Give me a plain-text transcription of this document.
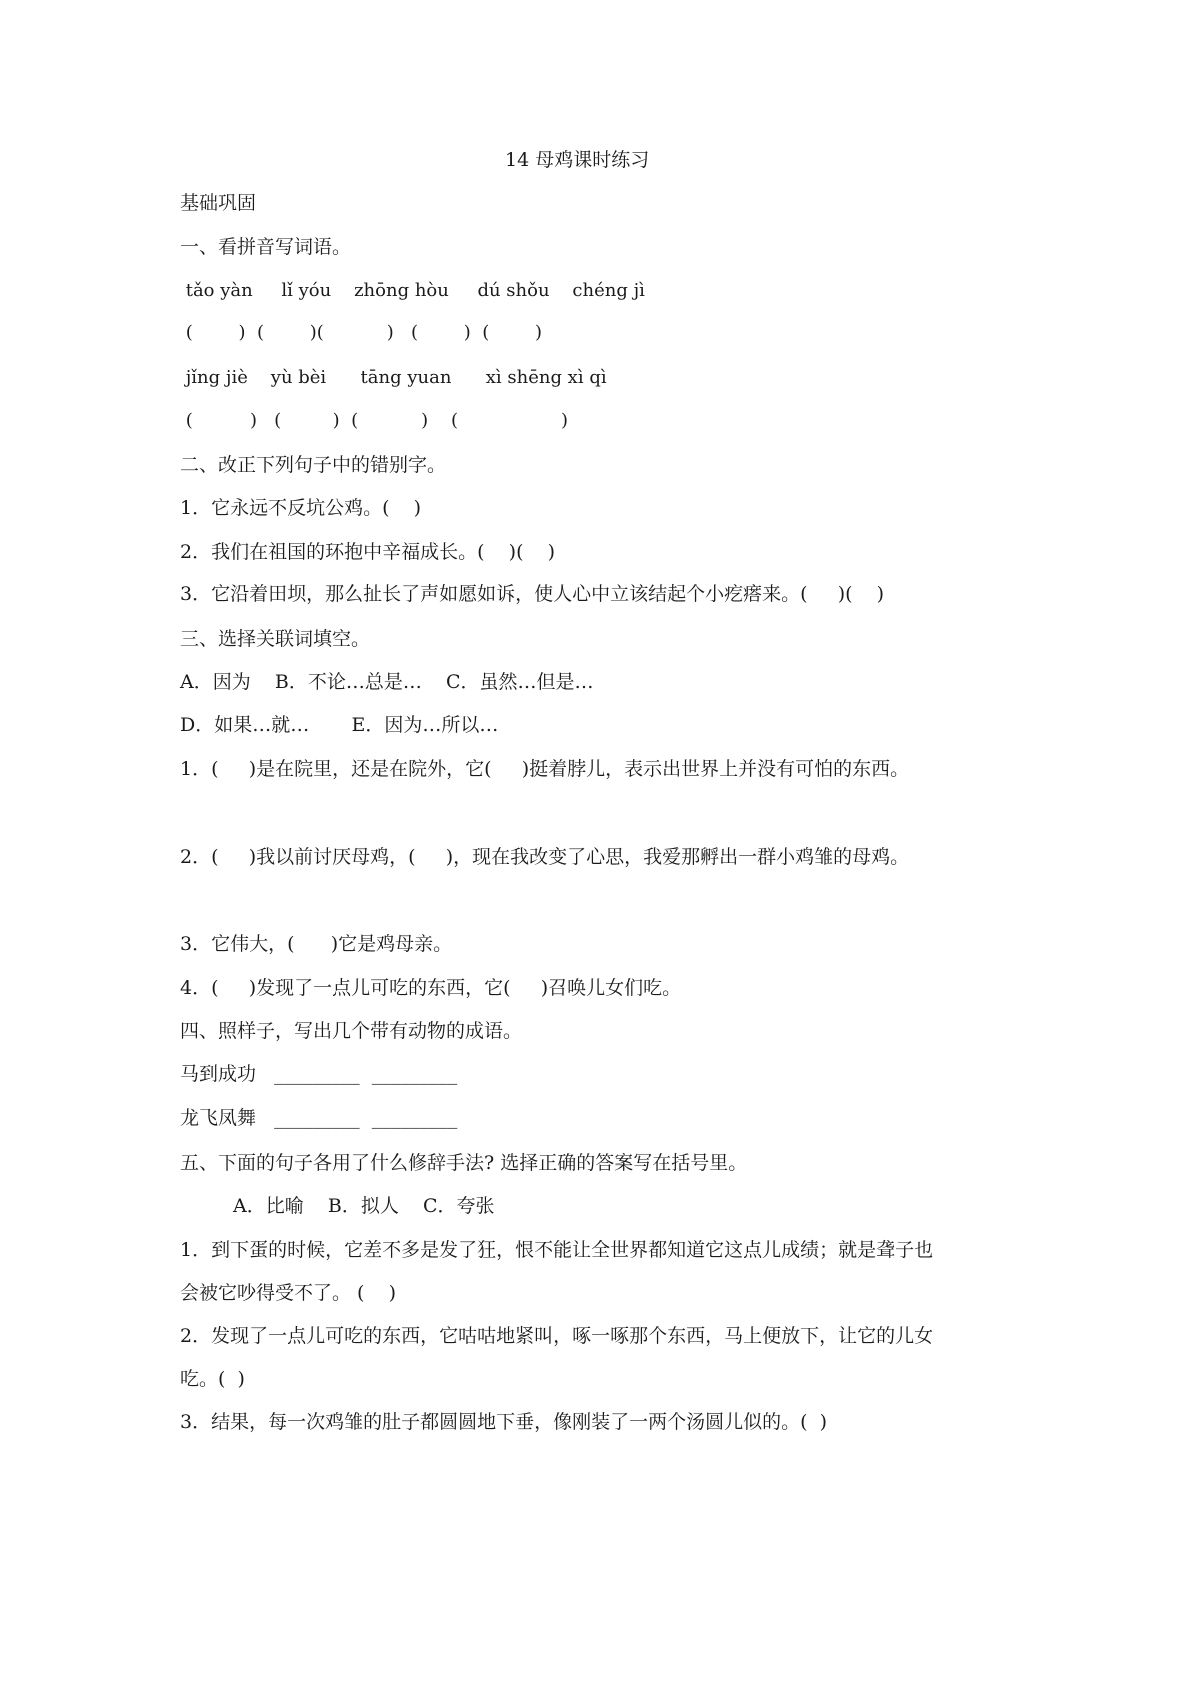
14 母鸡课时练习

基础巩固

一、看拼音写词语。

tǎo yàn     lǐ yóu    zhōng hòu     dú shǒu    chéng jì

(        )  (        )(           )   (        )  (        )

jǐng jiè    yù bèi      tāng yuan      xì shēng xì qì

(          )   (         )  (           )    (                  )

二、改正下列句子中的错别字。

1．它永远不反坑公鸡。(    )

2．我们在祖国的环抱中辛福成长。(    )(    )

3．它沿着田坝，那么扯长了声如愿如诉，使人心中立该结起个小疙瘩来。(     )(    )

三、选择关联词填空。

A．因为    B．不论…总是…    C．虽然…但是…

D．如果…就…       E．因为…所以…

1．(     )是在院里，还是在院外，它(     )挺着脖儿，表示出世界上并没有可怕的东西。

2．(     )我以前讨厌母鸡，(     )，现在我改变了心思，我爱那孵出一群小鸡雏的母鸡。

3．它伟大，(      )它是鸡母亲。

4．(     )发现了一点儿可吃的东西，它(     )召唤儿女们吃。

四、照样子，写出几个带有动物的成语。

马到成功   _________  _________

龙飞凤舞   _________  _________

五、下面的句子各用了什么修辞手法? 选择正确的答案写在括号里。

A．比喻    B．拟人    C．夸张

1．到下蛋的时候，它差不多是发了狂，恨不能让全世界都知道它这点儿成绩；就是聋子也

会被它吵得受不了。 (    )

2．发现了一点儿可吃的东西，它咕咕地紧叫，啄一啄那个东西，马上便放下，让它的儿女

吃。(  )

3．结果，每一次鸡雏的肚子都圆圆地下垂，像刚装了一两个汤圆儿似的。(  )
